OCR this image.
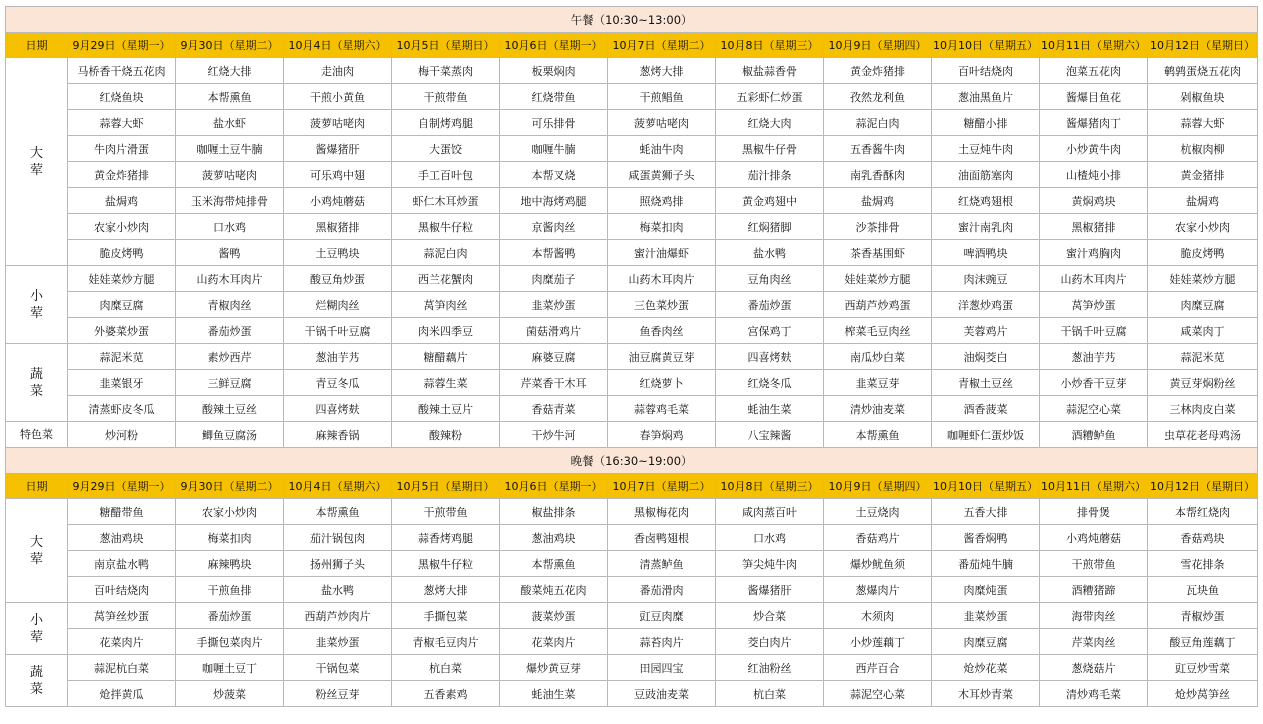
午餐（10:30~13:00）											
日期	9月29日（星期一）	9月30日（星期二）	10月4日（星期六）	10月5日（星期日）	10月6日（星期一）	10月7日（星期二）	10月8日（星期三）	10月9日（星期四）	10月10日（星期五）	10月11日（星期六）	10月12日（星期日）

大
荤	马桥香干烧五花肉	红烧大排	走油肉	梅干菜蒸肉	板栗焖肉	葱烤大排	椒盐蒜香骨	黄金炸猪排	百叶结烧肉	泡菜五花肉	鹌鹑蛋烧五花肉
	红烧鱼块	本帮熏鱼	干煎小黄鱼	干煎带鱼	红烧带鱼	干煎鲳鱼	五彩虾仁炒蛋	孜然龙利鱼	葱油黑鱼片	酱爆目鱼花	剁椒鱼块
	蒜蓉大虾	盐水虾	菠萝咕咾肉	自制烤鸡腿	可乐排骨	菠萝咕咾肉	红烧大肉	蒜泥白肉	糖醋小排	酱爆猪肉丁	蒜蓉大虾
	牛肉片滑蛋	咖喱土豆牛腩	酱爆猪肝	大蛋饺	咖喱牛腩	蚝油牛肉	黑椒牛仔骨	五香酱牛肉	土豆炖牛肉	小炒黄牛肉	杭椒肉柳
	黄金炸猪排	菠萝咕咾肉	可乐鸡中翅	手工百叶包	本帮叉烧	咸蛋黄狮子头	茄汁排条	南乳香酥肉	油面筋塞肉	山楂炖小排	黄金猪排
	盐焗鸡	玉米海带炖排骨	小鸡炖蘑菇	虾仁木耳炒蛋	地中海烤鸡腿	照烧鸡排	黄金鸡翅中	盐焗鸡	红烧鸡翅根	黄焖鸡块	盐焗鸡
	农家小炒肉	口水鸡	黑椒猪排	黑椒牛仔粒	京酱肉丝	梅菜扣肉	红焖猪脚	沙茶排骨	蜜汁南乳肉	黑椒猪排	农家小炒肉
	脆皮烤鸭	酱鸭	土豆鸭块	蒜泥白肉	本帮酱鸭	蜜汁油爆虾	盐水鸭	茶香基围虾	啤酒鸭块	蜜汁鸡胸肉	脆皮烤鸭

小
荤	娃娃菜炒方腿	山药木耳肉片	酸豆角炒蛋	西兰花蟹肉	肉糜茄子	山药木耳肉片	豆角肉丝	娃娃菜炒方腿	肉沫豌豆	山药木耳肉片	娃娃菜炒方腿
	肉糜豆腐	青椒肉丝	烂糊肉丝	莴笋肉丝	韭菜炒蛋	三色菜炒蛋	番茄炒蛋	西葫芦炒鸡蛋	洋葱炒鸡蛋	莴笋炒蛋	肉糜豆腐
	外婆菜炒蛋	番茄炒蛋	干锅千叶豆腐	肉米四季豆	菌菇滑鸡片	鱼香肉丝	宫保鸡丁	榨菜毛豆肉丝	芙蓉鸡片	干锅千叶豆腐	咸菜肉丁

蔬
菜	蒜泥米苋	素炒西芹	葱油芋艿	糖醋藕片	麻婆豆腐	油豆腐黄豆芽	四喜烤麸	南瓜炒白菜	油焖茭白	葱油芋艿	蒜泥米苋
	韭菜银牙	三鲜豆腐	青豆冬瓜	蒜蓉生菜	芹菜香干木耳	红烧萝卜	红烧冬瓜	韭菜豆芽	青椒土豆丝	小炒香干豆芽	黄豆芽焖粉丝
	清蒸虾皮冬瓜	酸辣土豆丝	四喜烤麸	酸辣土豆片	香菇青菜	蒜蓉鸡毛菜	蚝油生菜	清炒油麦菜	酒香菠菜	蒜泥空心菜	三林肉皮白菜
特色菜	炒河粉	鲫鱼豆腐汤	麻辣香锅	酸辣粉	干炒牛河	春笋焖鸡	八宝辣酱	本帮熏鱼	咖喱虾仁蛋炒饭	酒糟鲈鱼	虫草花老母鸡汤
晚餐（16:30~19:00）											
日期	9月29日（星期一）	9月30日（星期二）	10月4日（星期六）	10月5日（星期日）	10月6日（星期一）	10月7日（星期二）	10月8日（星期三）	10月9日（星期四）	10月10日（星期五）	10月11日（星期六）	10月12日（星期日）

大
荤	糖醋带鱼	农家小炒肉	本帮熏鱼	干煎带鱼	椒盐排条	黑椒梅花肉	咸肉蒸百叶	土豆烧肉	五香大排	排骨煲	本帮红烧肉
	葱油鸡块	梅菜扣肉	茄汁锅包肉	蒜香烤鸡腿	葱油鸡块	香卤鸭翅根	口水鸡	香菇鸡片	酱香焖鸭	小鸡炖蘑菇	香菇鸡块
	南京盐水鸭	麻辣鸭块	扬州狮子头	黑椒牛仔粒	本帮熏鱼	清蒸鲈鱼	笋尖炖牛肉	爆炒鱿鱼须	番茄炖牛腩	干煎带鱼	雪花排条
	百叶结烧肉	干煎鱼排	盐水鸭	葱烤大排	酸菜炖五花肉	番茄滑肉	酱爆猪肝	葱爆肉片	肉糜炖蛋	酒糟猪蹄	瓦块鱼

小
荤	莴笋丝炒蛋	番茄炒蛋	西葫芦炒肉片	手撕包菜	菠菜炒蛋	豇豆肉糜	炒合菜	木须肉	韭菜炒蛋	海带肉丝	青椒炒蛋
	花菜肉片	手撕包菜肉片	韭菜炒蛋	青椒毛豆肉片	花菜肉片	蒜苔肉片	茭白肉片	小炒莲藕丁	肉糜豆腐	芹菜肉丝	酸豆角莲藕丁

蔬
菜	蒜泥杭白菜	咖喱土豆丁	干锅包菜	杭白菜	爆炒黄豆芽	田园四宝	红油粉丝	西芹百合	炝炒花菜	葱烧菇片	豇豆炒雪菜
	炝拌黄瓜	炒菠菜	粉丝豆芽	五香素鸡	蚝油生菜	豆豉油麦菜	杭白菜	蒜泥空心菜	木耳炒青菜	清炒鸡毛菜	炝炒莴笋丝
